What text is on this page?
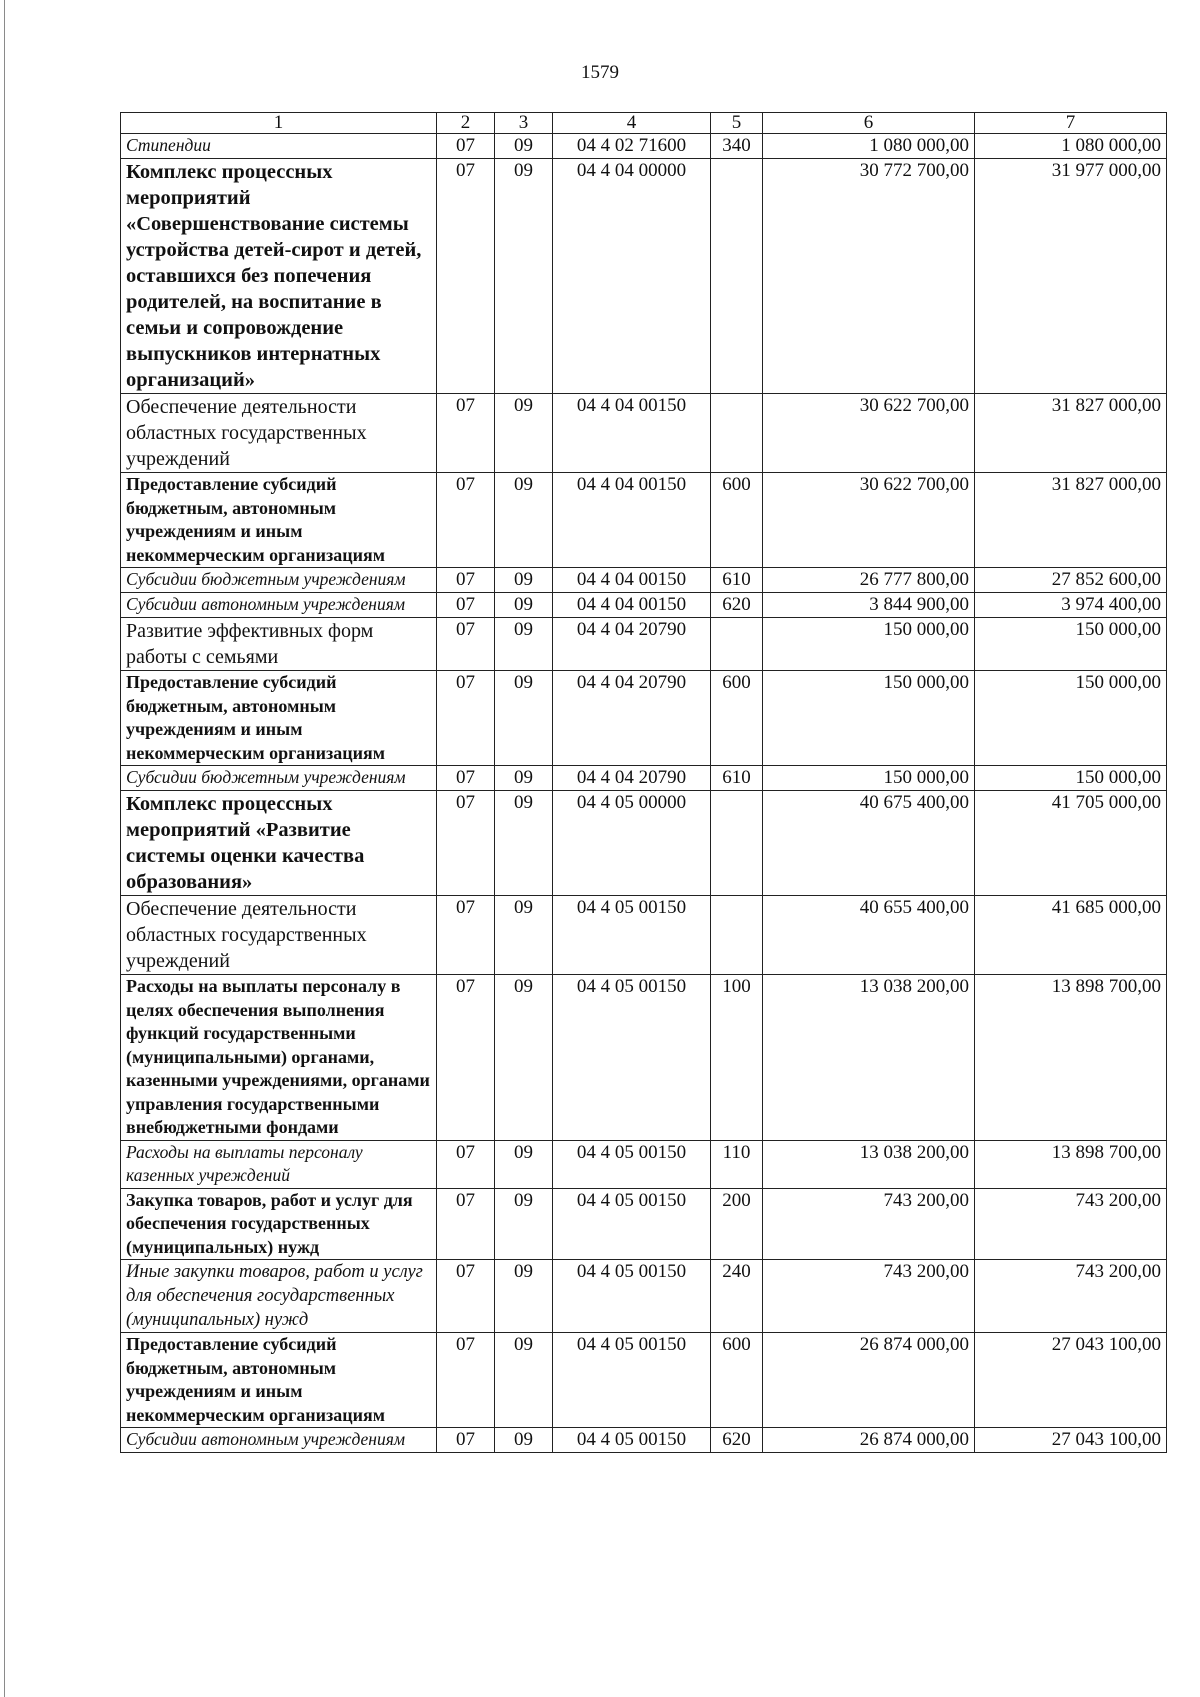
1579
1	2	3	4	5	6	7
Стипендии	07	09	04 4 02 71600	340	1 080 000,00	1 080 000,00
Комплекс процессных мероприятий «Совершенствование системы устройства детей-сирот и детей, оставшихся без попечения родителей, на воспитание в семьи и сопровождение выпускников интернатных организаций»	07	09	04 4 04 00000		30 772 700,00	31 977 000,00
Обеспечение деятельности областных государственных учреждений	07	09	04 4 04 00150		30 622 700,00	31 827 000,00
Предоставление субсидий бюджетным, автономным учреждениям и иным некоммерческим организациям	07	09	04 4 04 00150	600	30 622 700,00	31 827 000,00
Субсидии бюджетным учреждениям	07	09	04 4 04 00150	610	26 777 800,00	27 852 600,00
Субсидии автономным учреждениям	07	09	04 4 04 00150	620	3 844 900,00	3 974 400,00
Развитие эффективных форм работы с семьями	07	09	04 4 04 20790		150 000,00	150 000,00
Предоставление субсидий бюджетным, автономным учреждениям и иным некоммерческим организациям	07	09	04 4 04 20790	600	150 000,00	150 000,00
Субсидии бюджетным учреждениям	07	09	04 4 04 20790	610	150 000,00	150 000,00
Комплекс процессных мероприятий «Развитие системы оценки качества образования»	07	09	04 4 05 00000		40 675 400,00	41 705 000,00
Обеспечение деятельности областных государственных учреждений	07	09	04 4 05 00150		40 655 400,00	41 685 000,00
Расходы на выплаты персоналу в целях обеспечения выполнения функций государственными (муниципальными) органами, казенными учреждениями, органами управления государственными внебюджетными фондами	07	09	04 4 05 00150	100	13 038 200,00	13 898 700,00
Расходы на выплаты персоналу казенных учреждений	07	09	04 4 05 00150	110	13 038 200,00	13 898 700,00
Закупка товаров, работ и услуг для обеспечения государственных (муниципальных) нужд	07	09	04 4 05 00150	200	743 200,00	743 200,00
Иные закупки товаров, работ и услуг для обеспечения государственных (муниципальных) нужд	07	09	04 4 05 00150	240	743 200,00	743 200,00
Предоставление субсидий бюджетным, автономным учреждениям и иным некоммерческим организациям	07	09	04 4 05 00150	600	26 874 000,00	27 043 100,00
Субсидии автономным учреждениям	07	09	04 4 05 00150	620	26 874 000,00	27 043 100,00
